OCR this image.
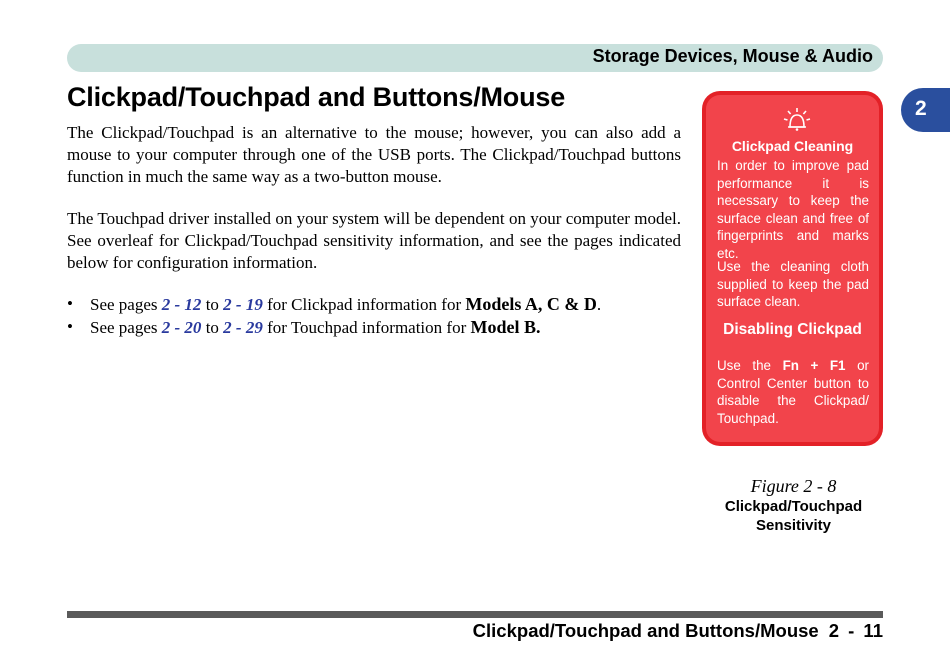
Storage Devices, Mouse & Audio
2
Clickpad/Touchpad and Buttons/Mouse
The Clickpad/Touchpad is an alternative to the mouse; however, you can also add a mouse to your computer through one of the USB ports. The Clickpad/Touchpad buttons function in much the same way as a two-button mouse.
The Touchpad driver installed on your system will be dependent on your computer model. See overleaf for Clickpad/Touchpad sensitivity information, and see the pages indicated below for configuration information.
• See pages 2 - 12 to 2 - 19 for Clickpad information for Models A, C & D.
• See pages 2 - 20 to 2 - 29 for Touchpad information for Model B.
Clickpad Cleaning
In order to improve pad performance it is necessary to keep the surface clean and free of fingerprints and marks etc.
Use the cleaning cloth supplied to keep the pad surface clean.
Disabling Clickpad
Use the Fn + F1 or Control Center button to disable the Clickpad/ Touchpad.
Figure 2 - 8
Clickpad/Touchpad
Sensitivity
Clickpad/Touchpad and Buttons/Mouse 2 - 11
